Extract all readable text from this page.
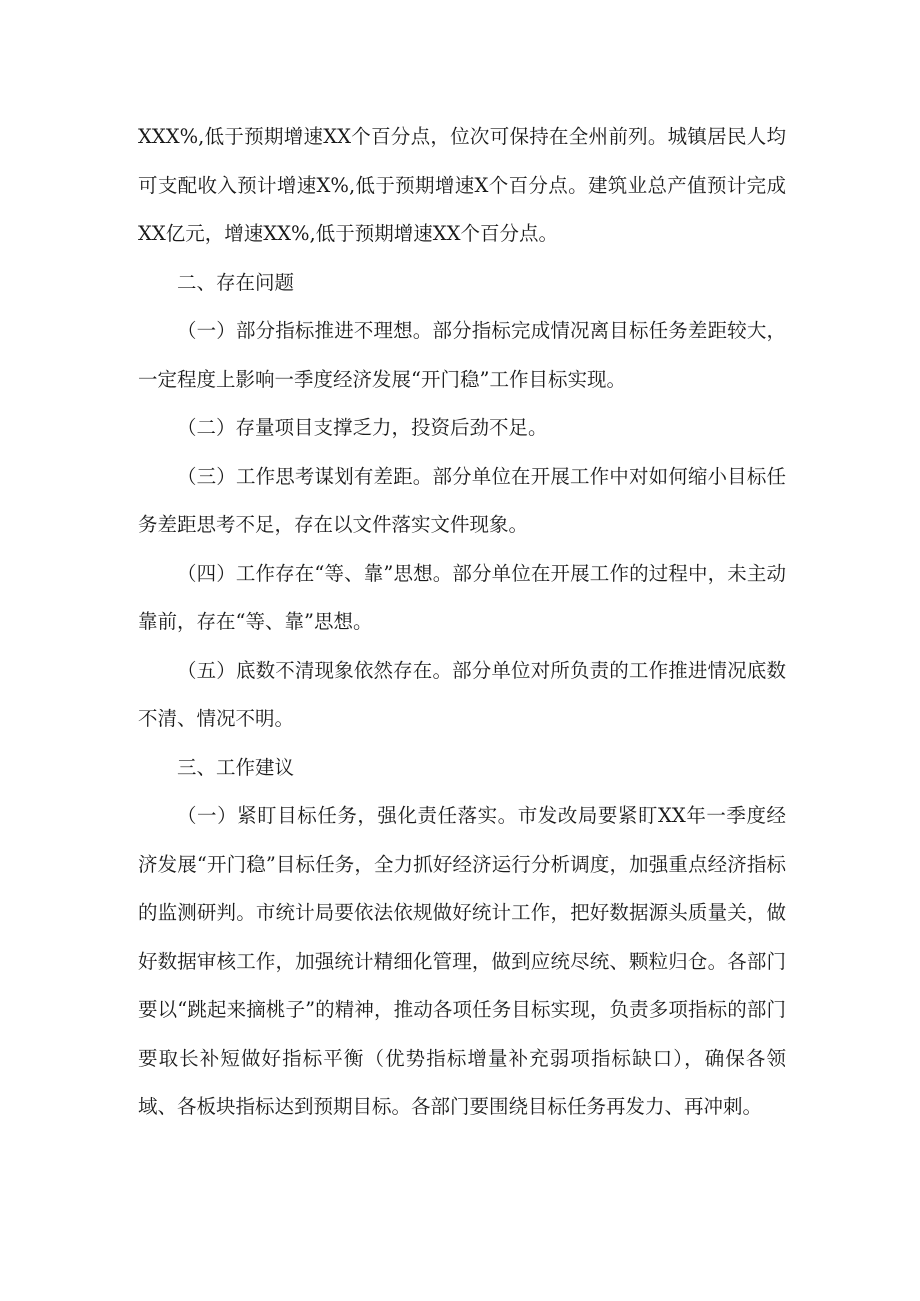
XXX%,低于预期增速XX个百分点，位次可保持在全州前列。城镇居民人均可支配收入预计增速X%,低于预期增速X个百分点。建筑业总产值预计完成XX亿元，增速XX%,低于预期增速XX个百分点。

二、存在问题

（一）部分指标推进不理想。部分指标完成情况离目标任务差距较大，一定程度上影响一季度经济发展“开门稳”工作目标实现。

（二）存量项目支撑乏力，投资后劲不足。

（三）工作思考谋划有差距。部分单位在开展工作中对如何缩小目标任务差距思考不足，存在以文件落实文件现象。

（四）工作存在“等、靠”思想。部分单位在开展工作的过程中，未主动靠前，存在“等、靠”思想。

（五）底数不清现象依然存在。部分单位对所负责的工作推进情况底数不清、情况不明。

三、工作建议

（一）紧盯目标任务，强化责任落实。市发改局要紧盯XX年一季度经济发展“开门稳”目标任务，全力抓好经济运行分析调度，加强重点经济指标的监测研判。市统计局要依法依规做好统计工作，把好数据源头质量关，做好数据审核工作，加强统计精细化管理，做到应统尽统、颗粒归仓。各部门要以“跳起来摘桃子”的精神，推动各项任务目标实现，负责多项指标的部门要取长补短做好指标平衡（优势指标增量补充弱项指标缺口），确保各领域、各板块指标达到预期目标。各部门要围绕目标任务再发力、再冲刺。
